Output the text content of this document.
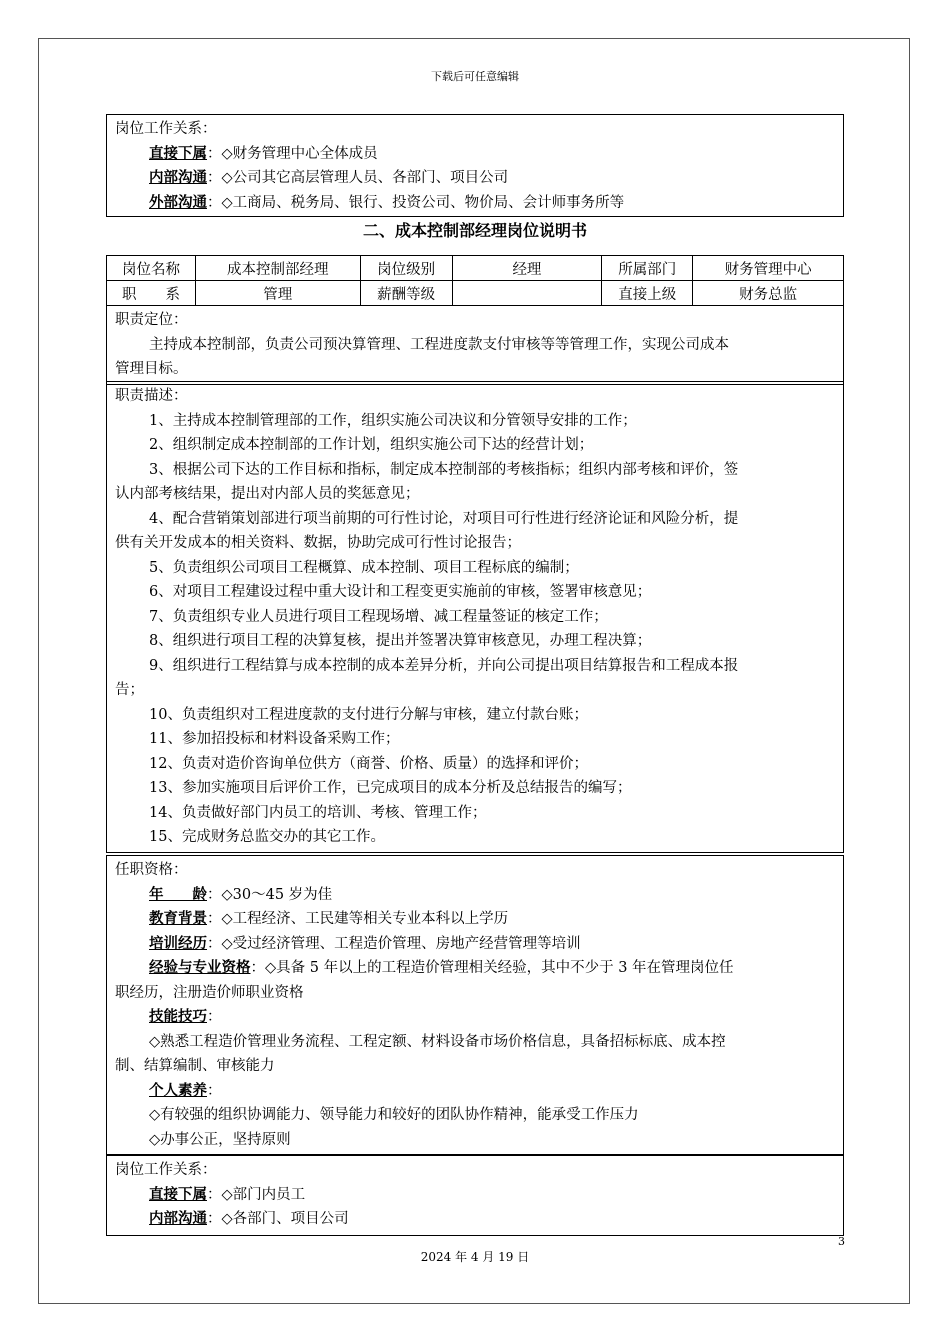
下载后可任意编辑
岗位工作关系：
直接下属：◇财务管理中心全体成员
内部沟通：◇公司其它高层管理人员、各部门、项目公司
外部沟通：◇工商局、税务局、银行、投资公司、物价局、会计师事务所等
二、成本控制部经理岗位说明书
岗位名称	成本控制部经理	岗位级别	经理	所属部门	财务管理中心
职　　系	管理	薪酬等级		直接上级	财务总监
职责定位：
主持成本控制部，负责公司预决算管理、工程进度款支付审核等等管理工作，实现公司成本
管理目标。
职责描述：
1、主持成本控制管理部的工作，组织实施公司决议和分管领导安排的工作；
2、组织制定成本控制部的工作计划，组织实施公司下达的经营计划；
3、根据公司下达的工作目标和指标，制定成本控制部的考核指标；组织内部考核和评价，签
认内部考核结果，提出对内部人员的奖惩意见；
4、配合营销策划部进行项当前期的可行性讨论，对项目可行性进行经济论证和风险分析，提
供有关开发成本的相关资料、数据，协助完成可行性讨论报告；
5、负责组织公司项目工程概算、成本控制、项目工程标底的编制；
6、对项目工程建设过程中重大设计和工程变更实施前的审核，签署审核意见；
7、负责组织专业人员进行项目工程现场增、减工程量签证的核定工作；
8、组织进行项目工程的决算复核，提出并签署决算审核意见，办理工程决算；
9、组织进行工程结算与成本控制的成本差异分析，并向公司提出项目结算报告和工程成本报
告；
10、负责组织对工程进度款的支付进行分解与审核，建立付款台账；
11、参加招投标和材料设备采购工作；
12、负责对造价咨询单位供方（商誉、价格、质量）的选择和评价；
13、参加实施项目后评价工作，已完成项目的成本分析及总结报告的编写；
14、负责做好部门内员工的培训、考核、管理工作；
15、完成财务总监交办的其它工作。
任职资格：
年　　龄：◇30～45 岁为佳
教育背景：◇工程经济、工民建等相关专业本科以上学历
培训经历：◇受过经济管理、工程造价管理、房地产经营管理等培训
经验与专业资格：◇具备 5 年以上的工程造价管理相关经验，其中不少于 3 年在管理岗位任
职经历，注册造价师职业资格
技能技巧：
◇熟悉工程造价管理业务流程、工程定额、材料设备市场价格信息，具备招标标底、成本控
制、结算编制、审核能力
个人素养：
◇有较强的组织协调能力、领导能力和较好的团队协作精神，能承受工作压力
◇办事公正，坚持原则
岗位工作关系：
直接下属：◇部门内员工
内部沟通：◇各部门、项目公司
3
2024 年 4 月 19 日
